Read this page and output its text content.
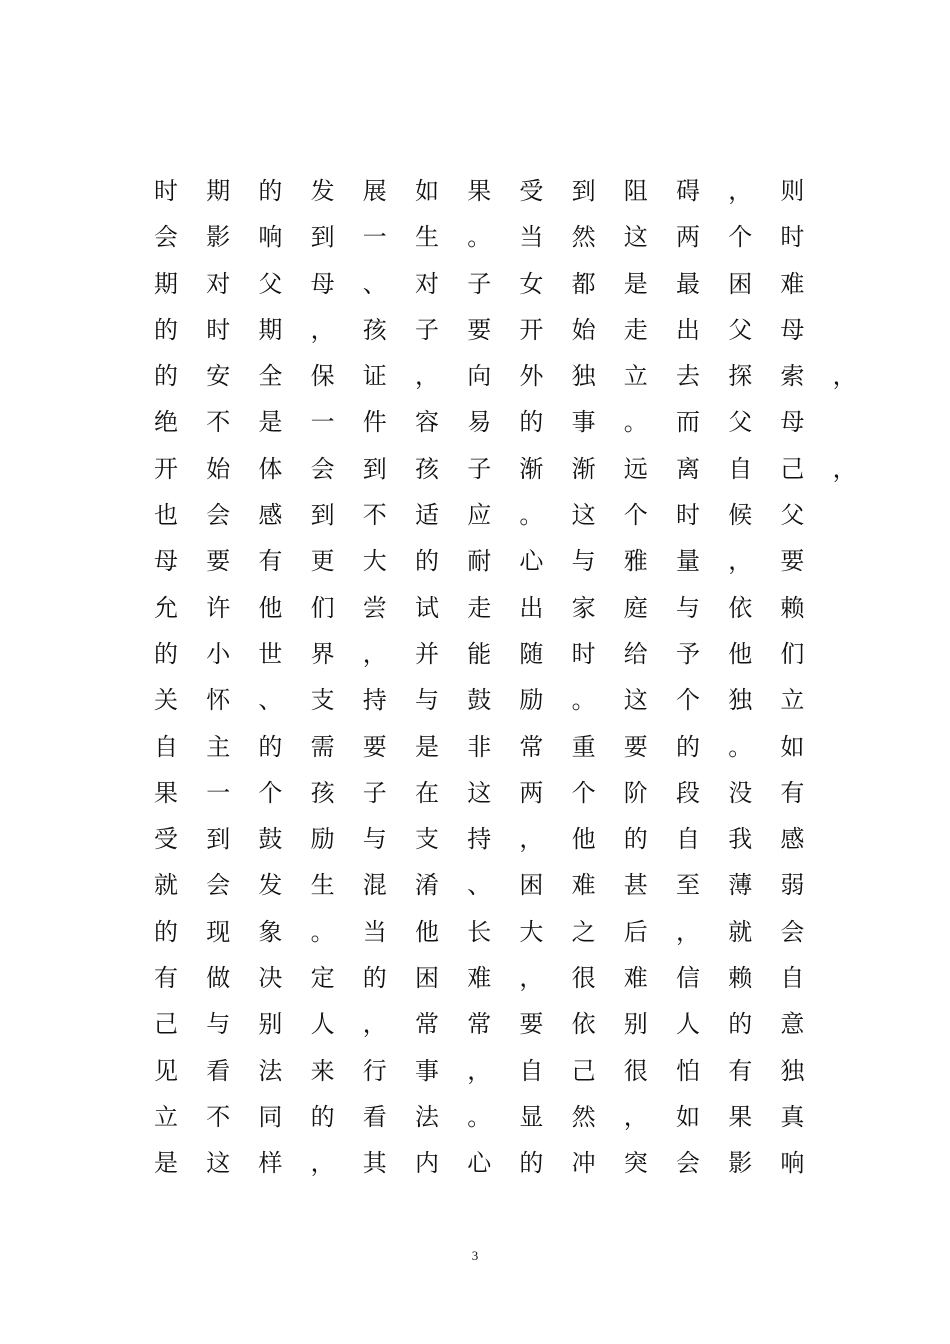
时	期	的	发	展	如	果	受	到	阻	碍	，	则
会	影	响	到	一	生	。	当	然	这	两	个	时
期	对	父	母	、	对	子	女	都	是	最	困	难
的	时	期	，	孩	子	要	开	始	走	出	父	母
的	安	全	保	证	，	向	外	独	立	去	探	索	，
绝	不	是	一	件	容	易	的	事	。	而	父	母
开	始	体	会	到	孩	子	渐	渐	远	离	自	己	，
也	会	感	到	不	适	应	。	这	个	时	候	父
母	要	有	更	大	的	耐	心	与	雅	量	，	要
允	许	他	们	尝	试	走	出	家	庭	与	依	赖
的	小	世	界	，	并	能	随	时	给	予	他	们
关	怀	、	支	持	与	鼓	励	。	这	个	独	立
自	主	的	需	要	是	非	常	重	要	的	。	如
果	一	个	孩	子	在	这	两	个	阶	段	没	有
受	到	鼓	励	与	支	持	，	他	的	自	我	感
就	会	发	生	混	淆	、	困	难	甚	至	薄	弱
的	现	象	。	当	他	长	大	之	后	，	就	会
有	做	决	定	的	困	难	，	很	难	信	赖	自
己	与	别	人	，	常	常	要	依	别	人	的	意
见	看	法	来	行	事	，	自	己	很	怕	有	独
立	不	同	的	看	法	。	显	然	，	如	果	真
是	这	样	，	其	内	心	的	冲	突	会	影	响
3
